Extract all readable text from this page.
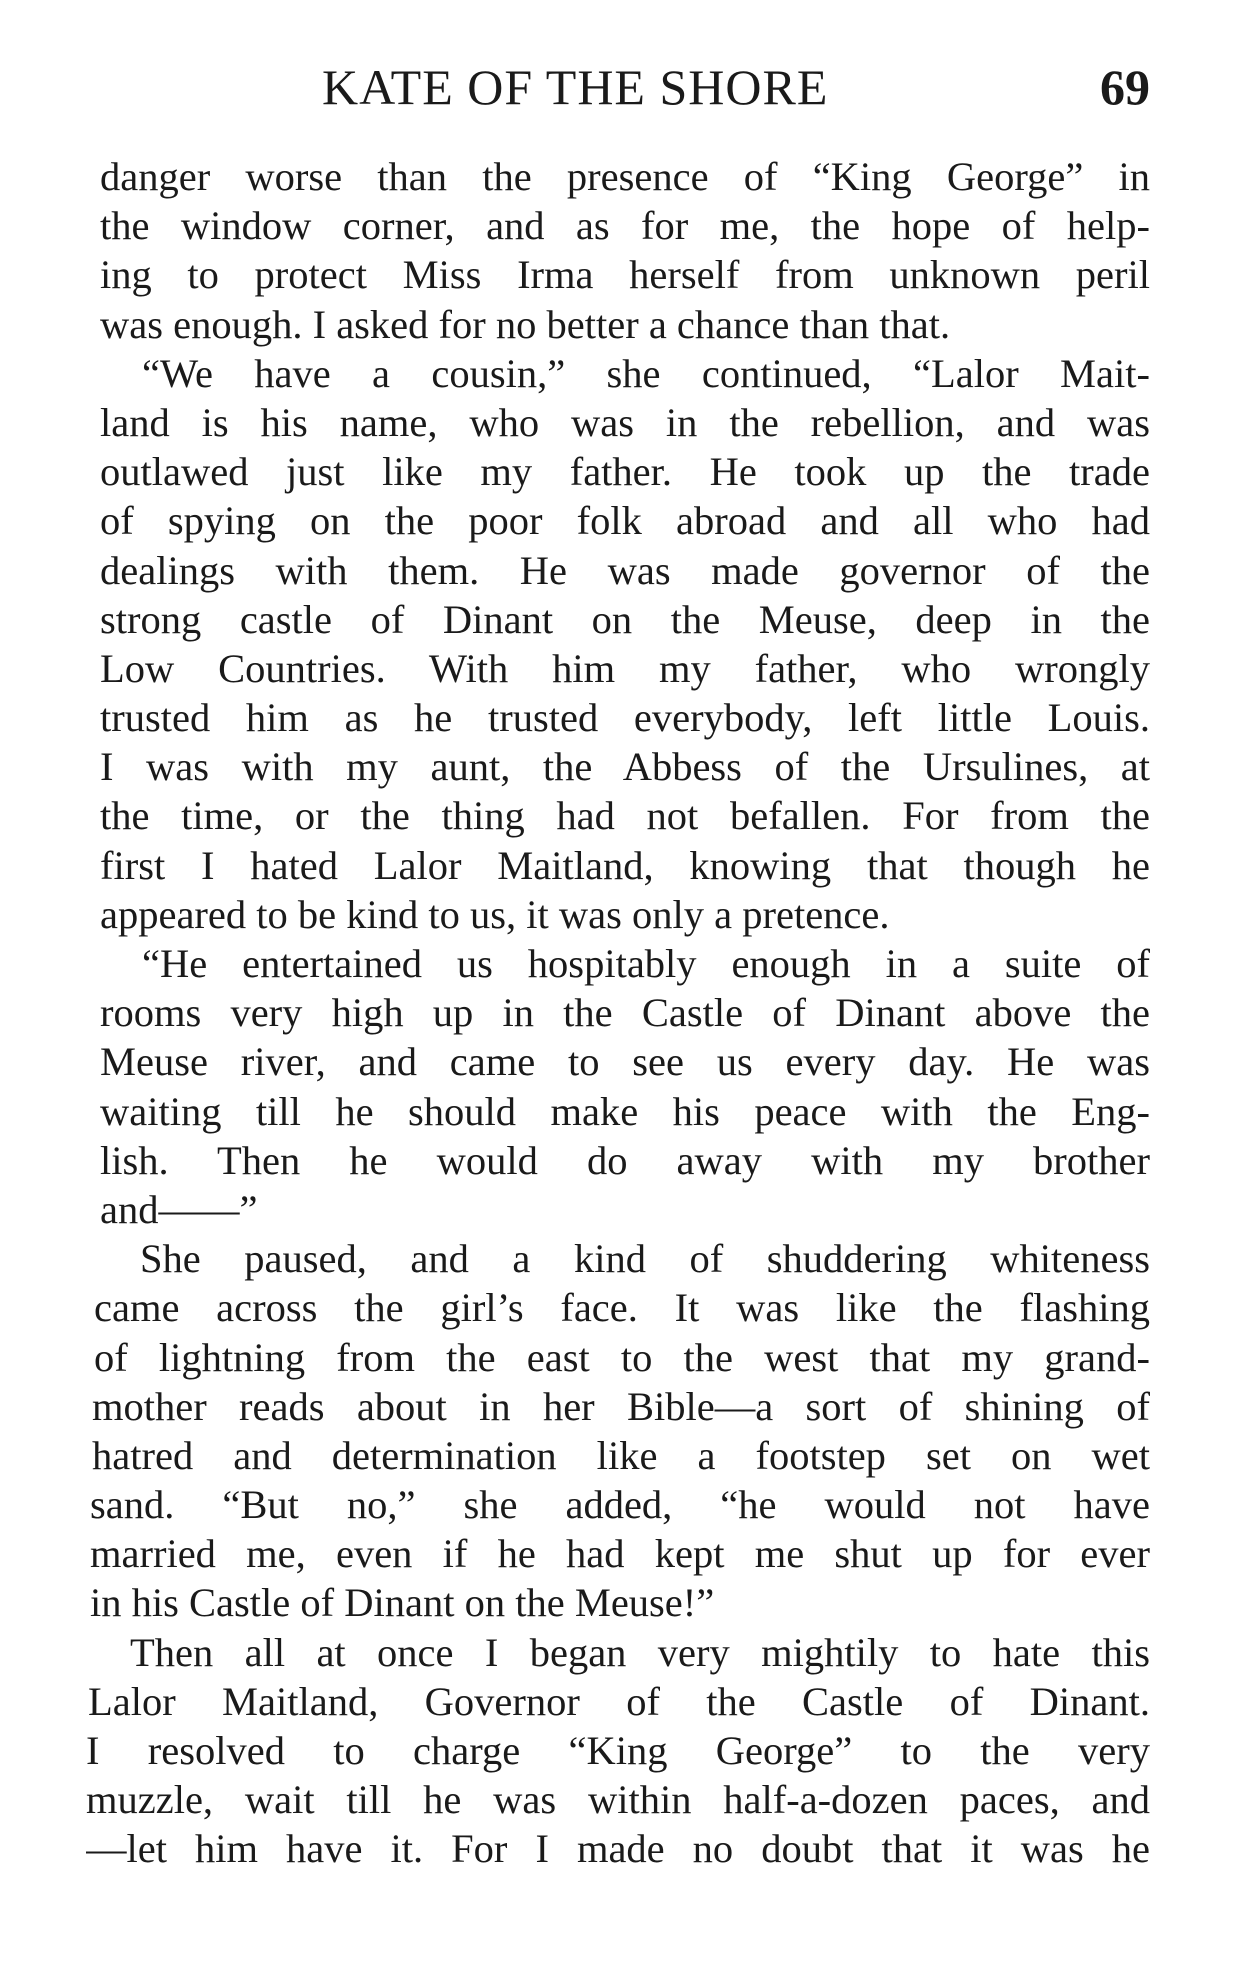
KATE OF THE SHORE	69
danger worse than the presence of “King George” in
the window corner, and as for me, the hope of help-
ing to protect Miss Irma herself from unknown peril
was enough. I asked for no better a chance than that.
“We have a cousin,” she continued, “Lalor Mait-
land is his name, who was in the rebellion, and was
outlawed just like my father. He took up the trade
of spying on the poor folk abroad and all who had
dealings with them. He was made governor of the
strong castle of Dinant on the Meuse, deep in the
Low Countries. With him my father, who wrongly
trusted him as he trusted everybody, left little Louis.
I was with my aunt, the Abbess of the Ursulines, at
the time, or the thing had not befallen. For from the
first I hated Lalor Maitland, knowing that though he
appeared to be kind to us, it was only a pretence.
“He entertained us hospitably enough in a suite of
rooms very high up in the Castle of Dinant above the
Meuse river, and came to see us every day. He was
waiting till he should make his peace with the Eng-
lish. Then he would do away with my brother
and——”
She paused, and a kind of shuddering whiteness
came across the girl’s face. It was like the flashing
of lightning from the east to the west that my grand-
mother reads about in her Bible—a sort of shining of
hatred and determination like a footstep set on wet
sand. “But no,” she added, “he would not have
married me, even if he had kept me shut up for ever
in his Castle of Dinant on the Meuse!”
Then all at once I began very mightily to hate this
Lalor Maitland, Governor of the Castle of Dinant.
I resolved to charge “King George” to the very
muzzle, wait till he was within half-a-dozen paces, and
—let him have it. For I made no doubt that it was he
